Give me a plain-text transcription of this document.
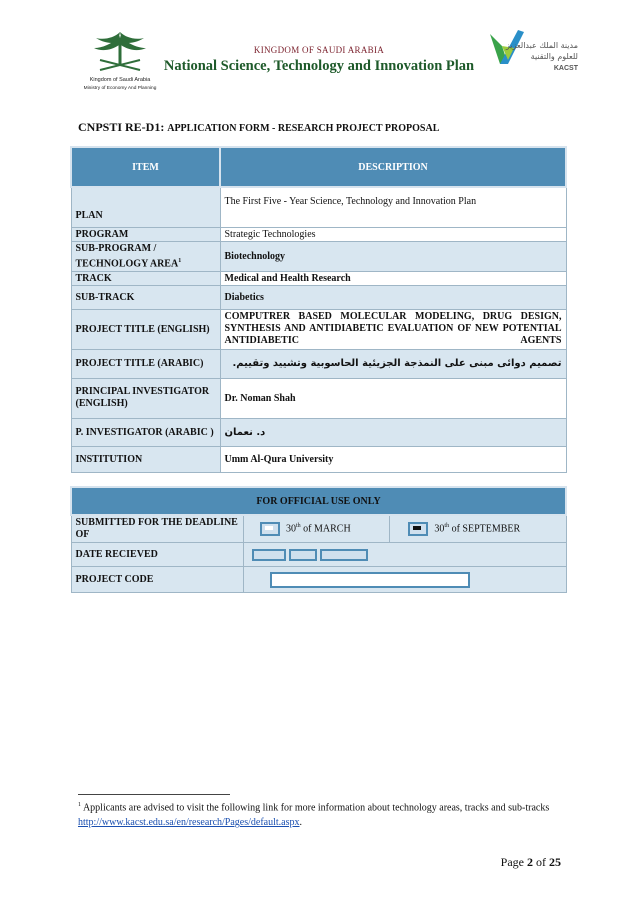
Kingdom of Saudi Arabia
Ministry of Economy And Planning
مدينة الملك عبدالعزيز
للعلوم والتقنية
KACST
KINGDOM OF SAUDI ARABIA
National Science, Technology and Innovation Plan
CNPSTI RE-D1: APPLICATION FORM - RESEARCH PROJECT PROPOSAL
ITEM	DESCRIPTION
PLAN	The First Five - Year Science, Technology and Innovation Plan
PROGRAM	Strategic Technologies
SUB-PROGRAM / TECHNOLOGY AREA$^1$	Biotechnology
TRACK	Medical and Health Research
SUB-TRACK	Diabetics
PROJECT TITLE (ENGLISH)	COMPUTRER BASED MOLECULAR MODELING, DRUG DESIGN, SYNTHESIS AND ANTIDIABETIC EVALUATION OF NEW POTENTIAL ANTIDIABETIC AGENTS
PROJECT TITLE (ARABIC)	تصميم دوائى مبنى على النمذجة الجزيئية الحاسوبية وتشييد وتقييم.
PRINCIPAL INVESTIGATOR (ENGLISH)	Dr. Noman Shah
P. INVESTIGATOR (ARABIC )	د. نعمان
INSTITUTION	Umm Al-Qura University
FOR OFFICIAL USE ONLY		
SUBMITTED FOR THE DEADLINE OF	30th of MARCH	30th of SEPTEMBER
DATE RECIEVED		
PROJECT CODE		
$^1$ Applicants are advised to visit the following link for more information about technology areas, tracks and sub-tracks http://www.kacst.edu.sa/en/research/Pages/default.aspx.
Page 2 of 25
